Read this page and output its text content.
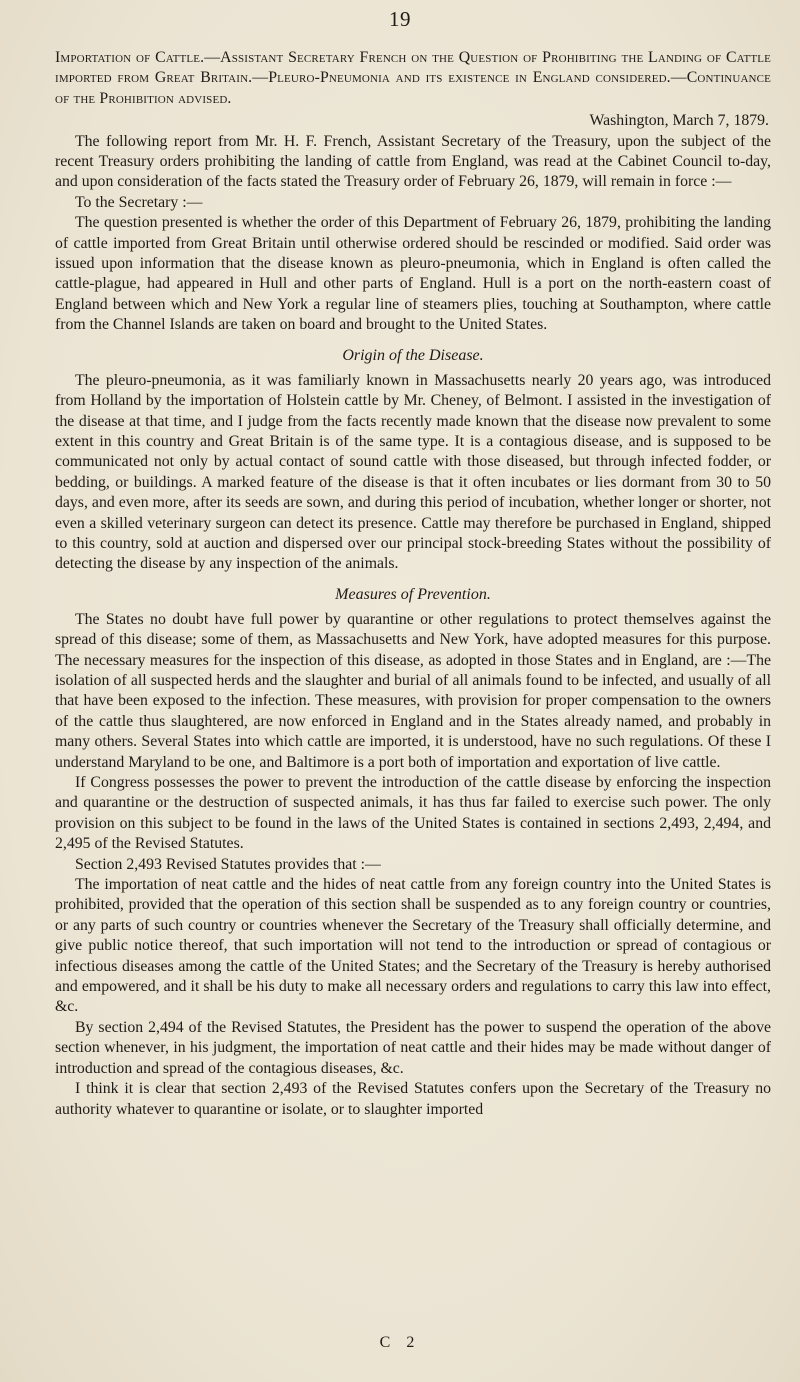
19

Importation of Cattle.—Assistant Secretary French on the Question of Prohibiting the Landing of Cattle imported from Great Britain.—Pleuro-Pneumonia and its existence in England considered.—Continuance of the Prohibition advised.

Washington, March 7, 1879.

The following report from Mr. H. F. French, Assistant Secretary of the Treasury, upon the subject of the recent Treasury orders prohibiting the landing of cattle from England, was read at the Cabinet Council to-day, and upon consideration of the facts stated the Treasury order of February 26, 1879, will remain in force :—

To the Secretary :—

The question presented is whether the order of this Department of February 26, 1879, prohibiting the landing of cattle imported from Great Britain until otherwise ordered should be rescinded or modified. Said order was issued upon information that the disease known as pleuro-pneumonia, which in England is often called the cattle-plague, had appeared in Hull and other parts of England. Hull is a port on the north-eastern coast of England between which and New York a regular line of steamers plies, touching at Southampton, where cattle from the Channel Islands are taken on board and brought to the United States.

Origin of the Disease.

The pleuro-pneumonia, as it was familiarly known in Massachusetts nearly 20 years ago, was introduced from Holland by the importation of Holstein cattle by Mr. Cheney, of Belmont. I assisted in the investigation of the disease at that time, and I judge from the facts recently made known that the disease now prevalent to some extent in this country and Great Britain is of the same type. It is a contagious disease, and is supposed to be communicated not only by actual contact of sound cattle with those diseased, but through infected fodder, or bedding, or buildings. A marked feature of the disease is that it often incubates or lies dormant from 30 to 50 days, and even more, after its seeds are sown, and during this period of incubation, whether longer or shorter, not even a skilled veterinary surgeon can detect its presence. Cattle may therefore be purchased in England, shipped to this country, sold at auction and dispersed over our principal stock-breeding States without the possibility of detecting the disease by any inspection of the animals.

Measures of Prevention.

The States no doubt have full power by quarantine or other regulations to protect themselves against the spread of this disease; some of them, as Massachusetts and New York, have adopted measures for this purpose. The necessary measures for the inspection of this disease, as adopted in those States and in England, are :—The isolation of all suspected herds and the slaughter and burial of all animals found to be infected, and usually of all that have been exposed to the infection. These measures, with provision for proper compensation to the owners of the cattle thus slaughtered, are now enforced in England and in the States already named, and probably in many others. Several States into which cattle are imported, it is understood, have no such regulations. Of these I understand Maryland to be one, and Baltimore is a port both of importation and exportation of live cattle.

If Congress possesses the power to prevent the introduction of the cattle disease by enforcing the inspection and quarantine or the destruction of suspected animals, it has thus far failed to exercise such power. The only provision on this subject to be found in the laws of the United States is contained in sections 2,493, 2,494, and 2,495 of the Revised Statutes.

Section 2,493 Revised Statutes provides that :—

The importation of neat cattle and the hides of neat cattle from any foreign country into the United States is prohibited, provided that the operation of this section shall be suspended as to any foreign country or countries, or any parts of such country or countries whenever the Secretary of the Treasury shall officially determine, and give public notice thereof, that such importation will not tend to the introduction or spread of contagious or infectious diseases among the cattle of the United States; and the Secretary of the Treasury is hereby authorised and empowered, and it shall be his duty to make all necessary orders and regulations to carry this law into effect, &c.

By section 2,494 of the Revised Statutes, the President has the power to suspend the operation of the above section whenever, in his judgment, the importation of neat cattle and their hides may be made without danger of introduction and spread of the contagious diseases, &c.

I think it is clear that section 2,493 of the Revised Statutes confers upon the Secretary of the Treasury no authority whatever to quarantine or isolate, or to slaughter imported

C 2
